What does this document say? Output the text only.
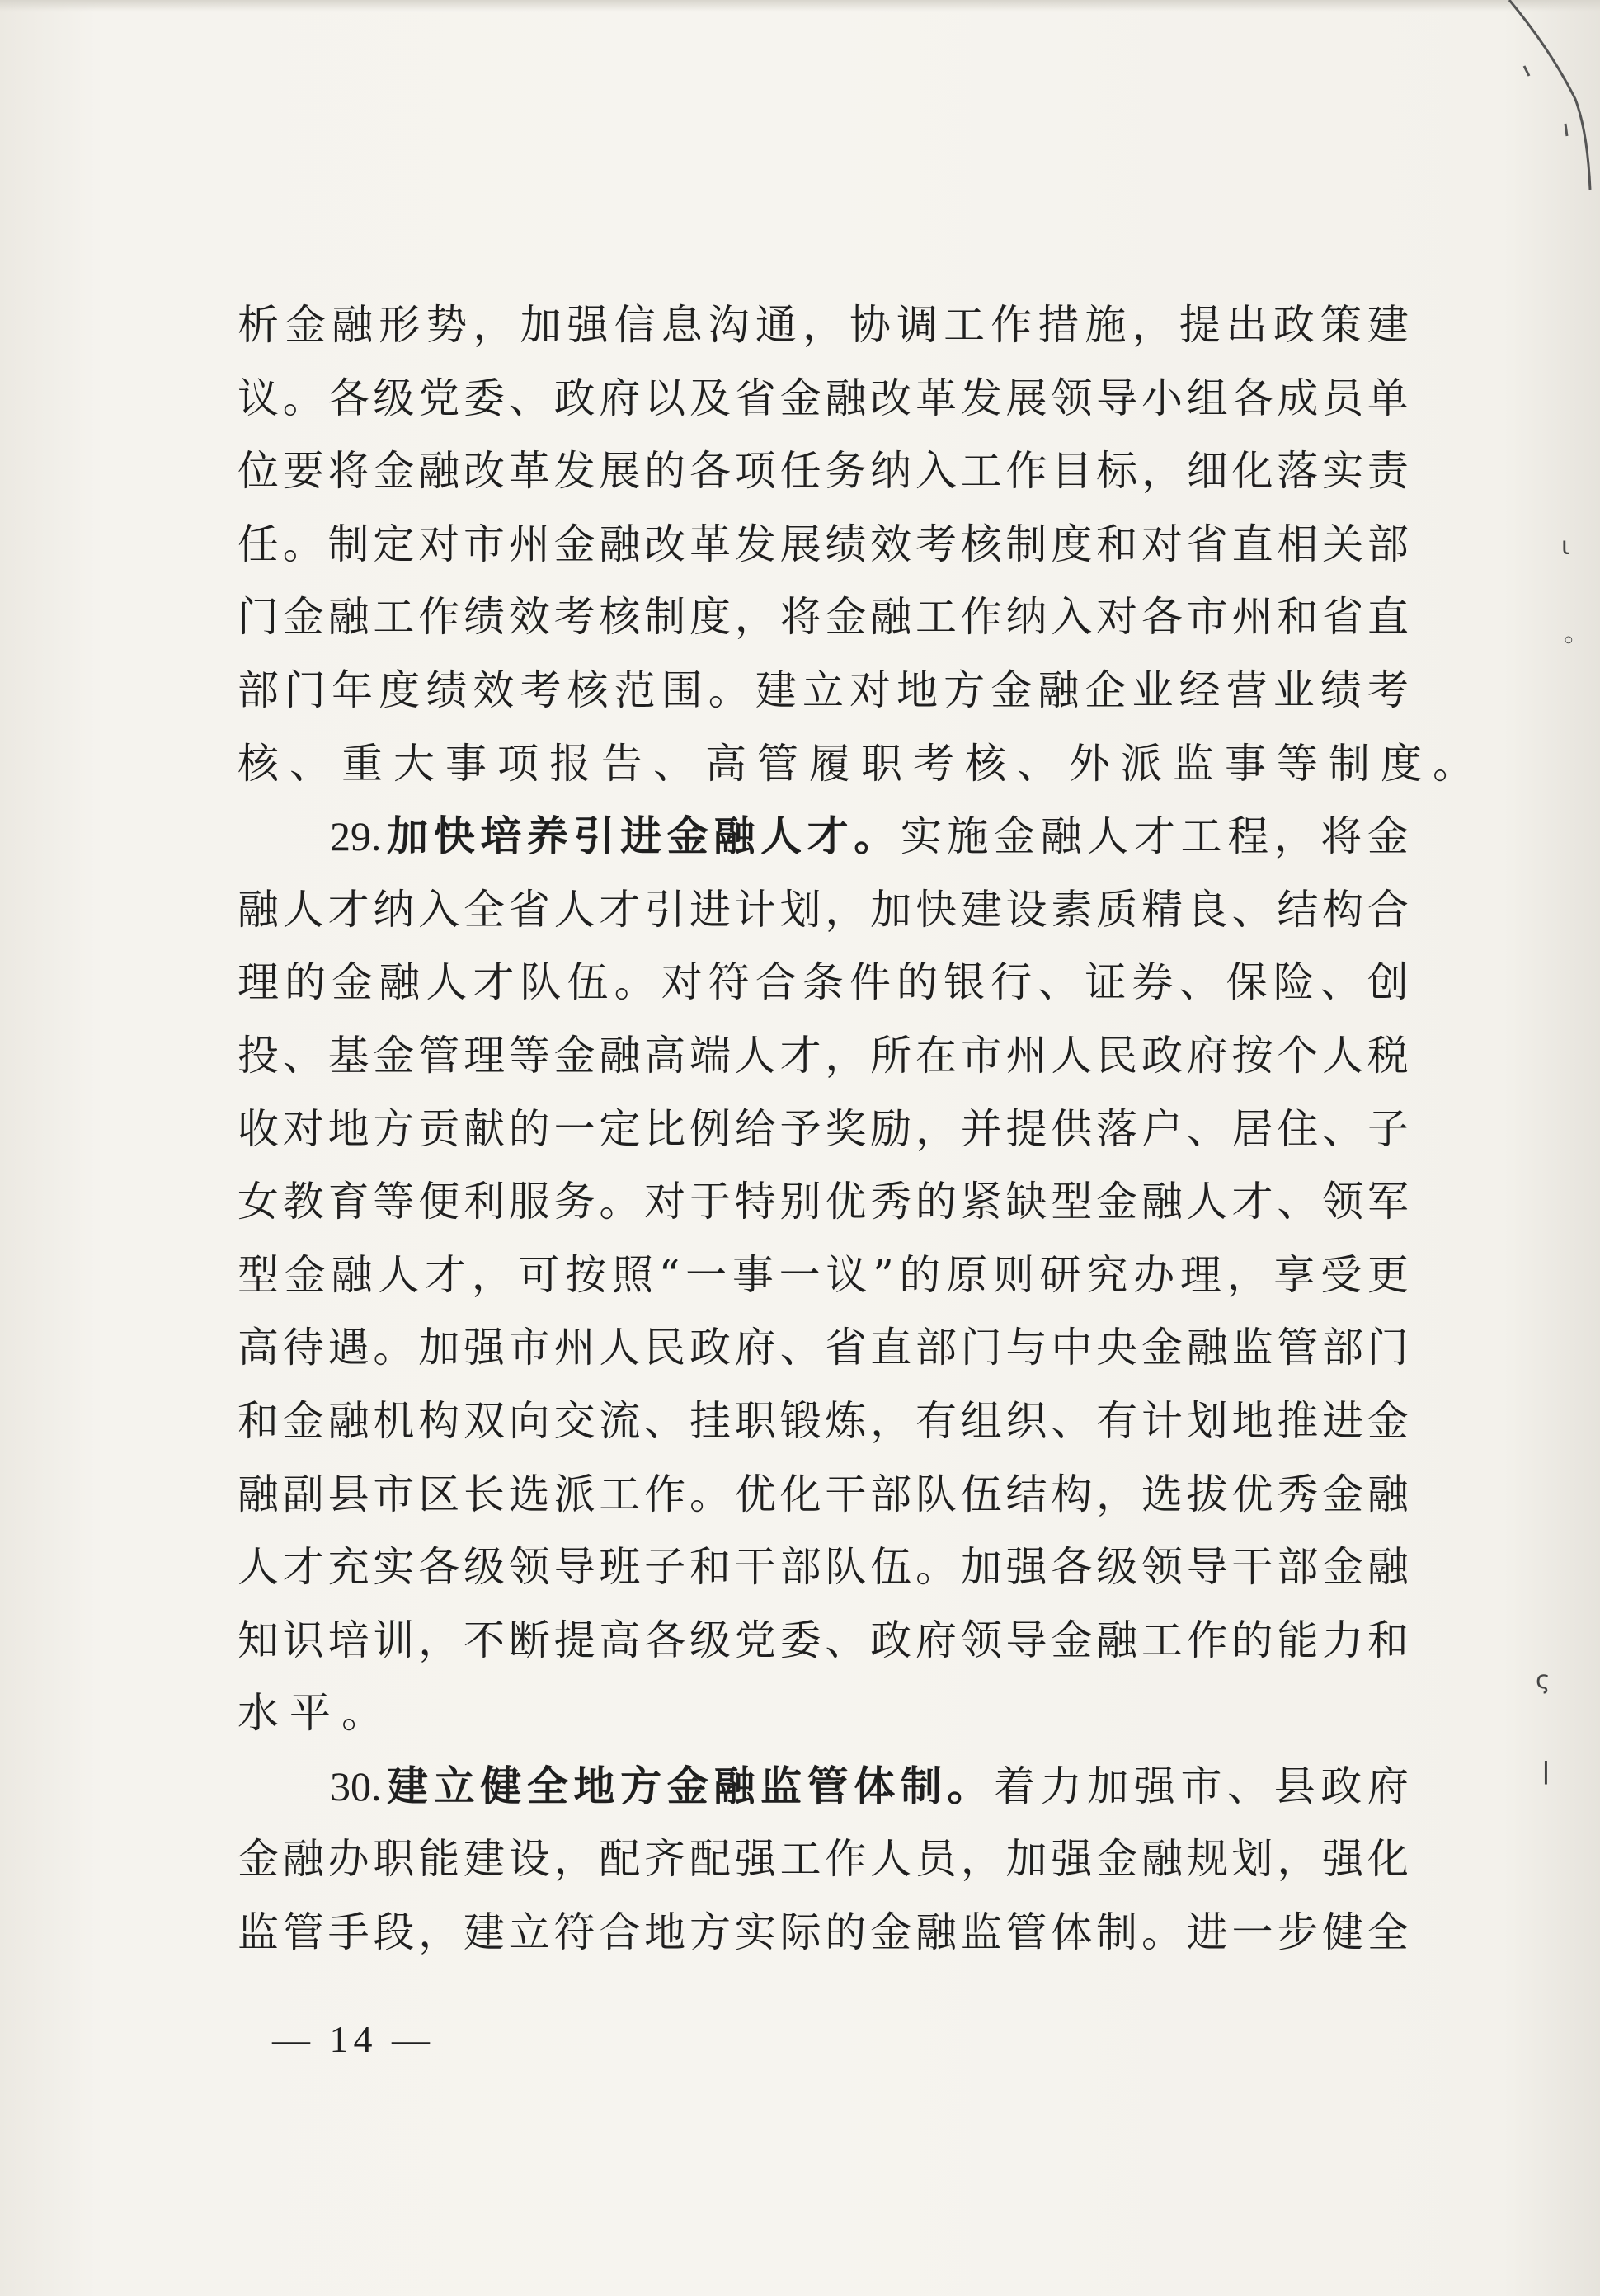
ι
◦
ς
ǀ
析 金 融 形 势 ， 加 强 信 息 沟 通 ， 协 调 工 作 措 施 ， 提 出 政 策 建
议 。 各 级 党 委 、 政 府 以 及 省 金 融 改 革 发 展 领 导 小 组 各 成 员 单
位 要 将 金 融 改 革 发 展 的 各 项 任 务 纳 入 工 作 目 标 ， 细 化 落 实 责
任 。 制 定 对 市 州 金 融 改 革 发 展 绩 效 考 核 制 度 和 对 省 直 相 关 部
门 金 融 工 作 绩 效 考 核 制 度 ， 将 金 融 工 作 纳 入 对 各 市 州 和 省 直
部 门 年 度 绩 效 考 核 范 围 。 建 立 对 地 方 金 融 企 业 经 营 业 绩 考
核 、 重 大 事 项 报 告 、 高 管 履 职 考 核 、 外 派 监 事 等 制 度 。
29. 加 快 培 养 引 进 金 融 人 才 。 实 施 金 融 人 才 工 程 ， 将 金
融 人 才 纳 入 全 省 人 才 引 进 计 划 ， 加 快 建 设 素 质 精 良 、 结 构 合
理 的 金 融 人 才 队 伍 。 对 符 合 条 件 的 银 行 、 证 券 、 保 险 、 创
投 、 基 金 管 理 等 金 融 高 端 人 才 ， 所 在 市 州 人 民 政 府 按 个 人 税
收 对 地 方 贡 献 的 一 定 比 例 给 予 奖 励 ， 并 提 供 落 户 、 居 住 、 子
女 教 育 等 便 利 服 务 。 对 于 特 别 优 秀 的 紧 缺 型 金 融 人 才 、 领 军
型 金 融 人 才 ， 可 按 照 “ 一 事 一 议 ” 的 原 则 研 究 办 理 ， 享 受 更
高 待 遇 。 加 强 市 州 人 民 政 府 、 省 直 部 门 与 中 央 金 融 监 管 部 门
和 金 融 机 构 双 向 交 流 、 挂 职 锻 炼 ， 有 组 织 、 有 计 划 地 推 进 金
融 副 县 市 区 长 选 派 工 作 。 优 化 干 部 队 伍 结 构 ， 选 拔 优 秀 金 融
人 才 充 实 各 级 领 导 班 子 和 干 部 队 伍 。 加 强 各 级 领 导 干 部 金 融
知 识 培 训 ， 不 断 提 高 各 级 党 委 、 政 府 领 导 金 融 工 作 的 能 力 和
水 平 。
30. 建 立 健 全 地 方 金 融 监 管 体 制 。 着 力 加 强 市 、 县 政 府
金 融 办 职 能 建 设 ， 配 齐 配 强 工 作 人 员 ， 加 强 金 融 规 划 ， 强 化
监 管 手 段 ， 建 立 符 合 地 方 实 际 的 金 融 监 管 体 制 。 进 一 步 健 全
— 14 —
